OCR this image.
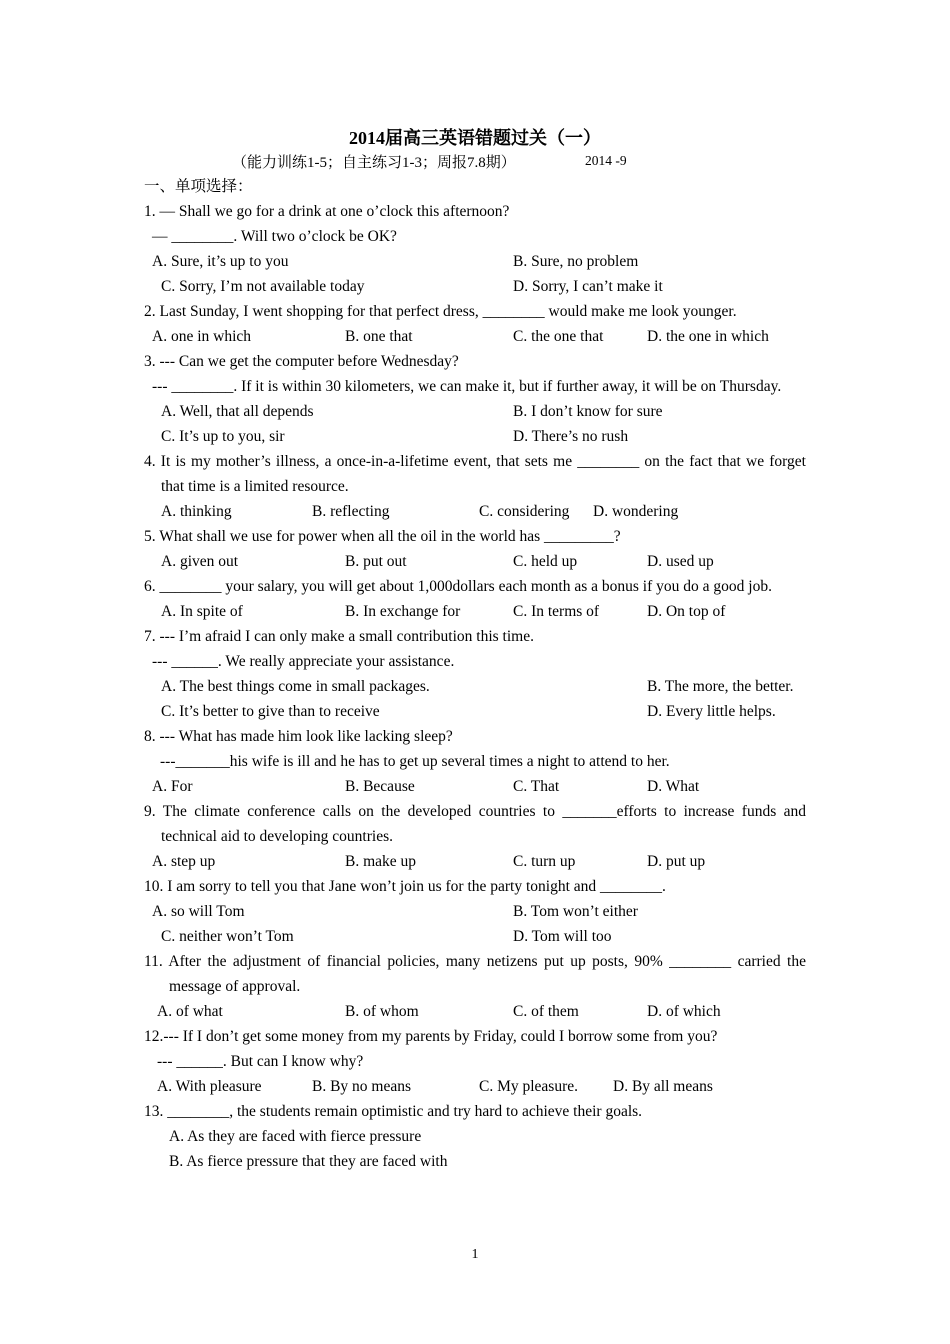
2014届高三英语错题过关（一）
（能力训练1-5；自主练习1-3；周报7.8期）	2014 -9
一、单项选择：
1. — Shall we go for a drink at one o’clock this afternoon?
— ________. Will two o’clock be OK?
A. Sure, it’s up to you	B. Sure, no problem
C. Sorry, I’m not available today	D. Sorry, I can’t make it
2. Last Sunday, I went shopping for that perfect dress, ________ would make me look younger.
A. one in which	B. one that	C. the one that	D. the one in which
3. --- Can we get the computer before Wednesday?
--- ________. If it is within 30 kilometers, we can make it, but if further away, it will be on Thursday.
A. Well, that all depends	B. I don’t know for sure
C. It’s up to you, sir	D. There’s no rush
4. It is my mother’s illness, a once-in-a-lifetime event, that sets me ________ on the fact that we forget that time is a limited resource.
A. thinking	B. reflecting	C. considering D. wondering
5. What shall we use for power when all the oil in the world has _________?
A. given out	B. put out	C. held up	D. used up
6. ________ your salary, you will get about 1,000dollars each month as a bonus if you do a good job.
A. In spite of	B. In exchange for	C. In terms of	D. On top of
7. --- I’m afraid I can only make a small contribution this time.
--- ______. We really appreciate your assistance.
A. The best things come in small packages.	B. The more, the better.
C. It’s better to give than to receive	D. Every little helps.
8. --- What has made him look like lacking sleep?
---_______his wife is ill and he has to get up several times a night to attend to her.
A. For	B. Because	C. That	D. What
9. The climate conference calls on the developed countries to _______efforts to increase funds and technical aid to developing countries.
A. step up	B. make up	C. turn up	D. put up
10. I am sorry to tell you that Jane won’t join us for the party tonight and ________.
A. so will Tom	B. Tom won’t either
C. neither won’t Tom	D. Tom will too
11. After the adjustment of financial policies, many netizens put up posts, 90% ________ carried the message of approval.
A. of what	B. of whom	C. of them	D. of which
12.--- If I don’t get some money from my parents by Friday, could I borrow some from you?
--- ______. But can I know why?
A. With pleasure	B. By no means	C. My pleasure. D. By all means
13. ________, the students remain optimistic and try hard to achieve their goals.
A. As they are faced with fierce pressure
B. As fierce pressure that they are faced with
1
